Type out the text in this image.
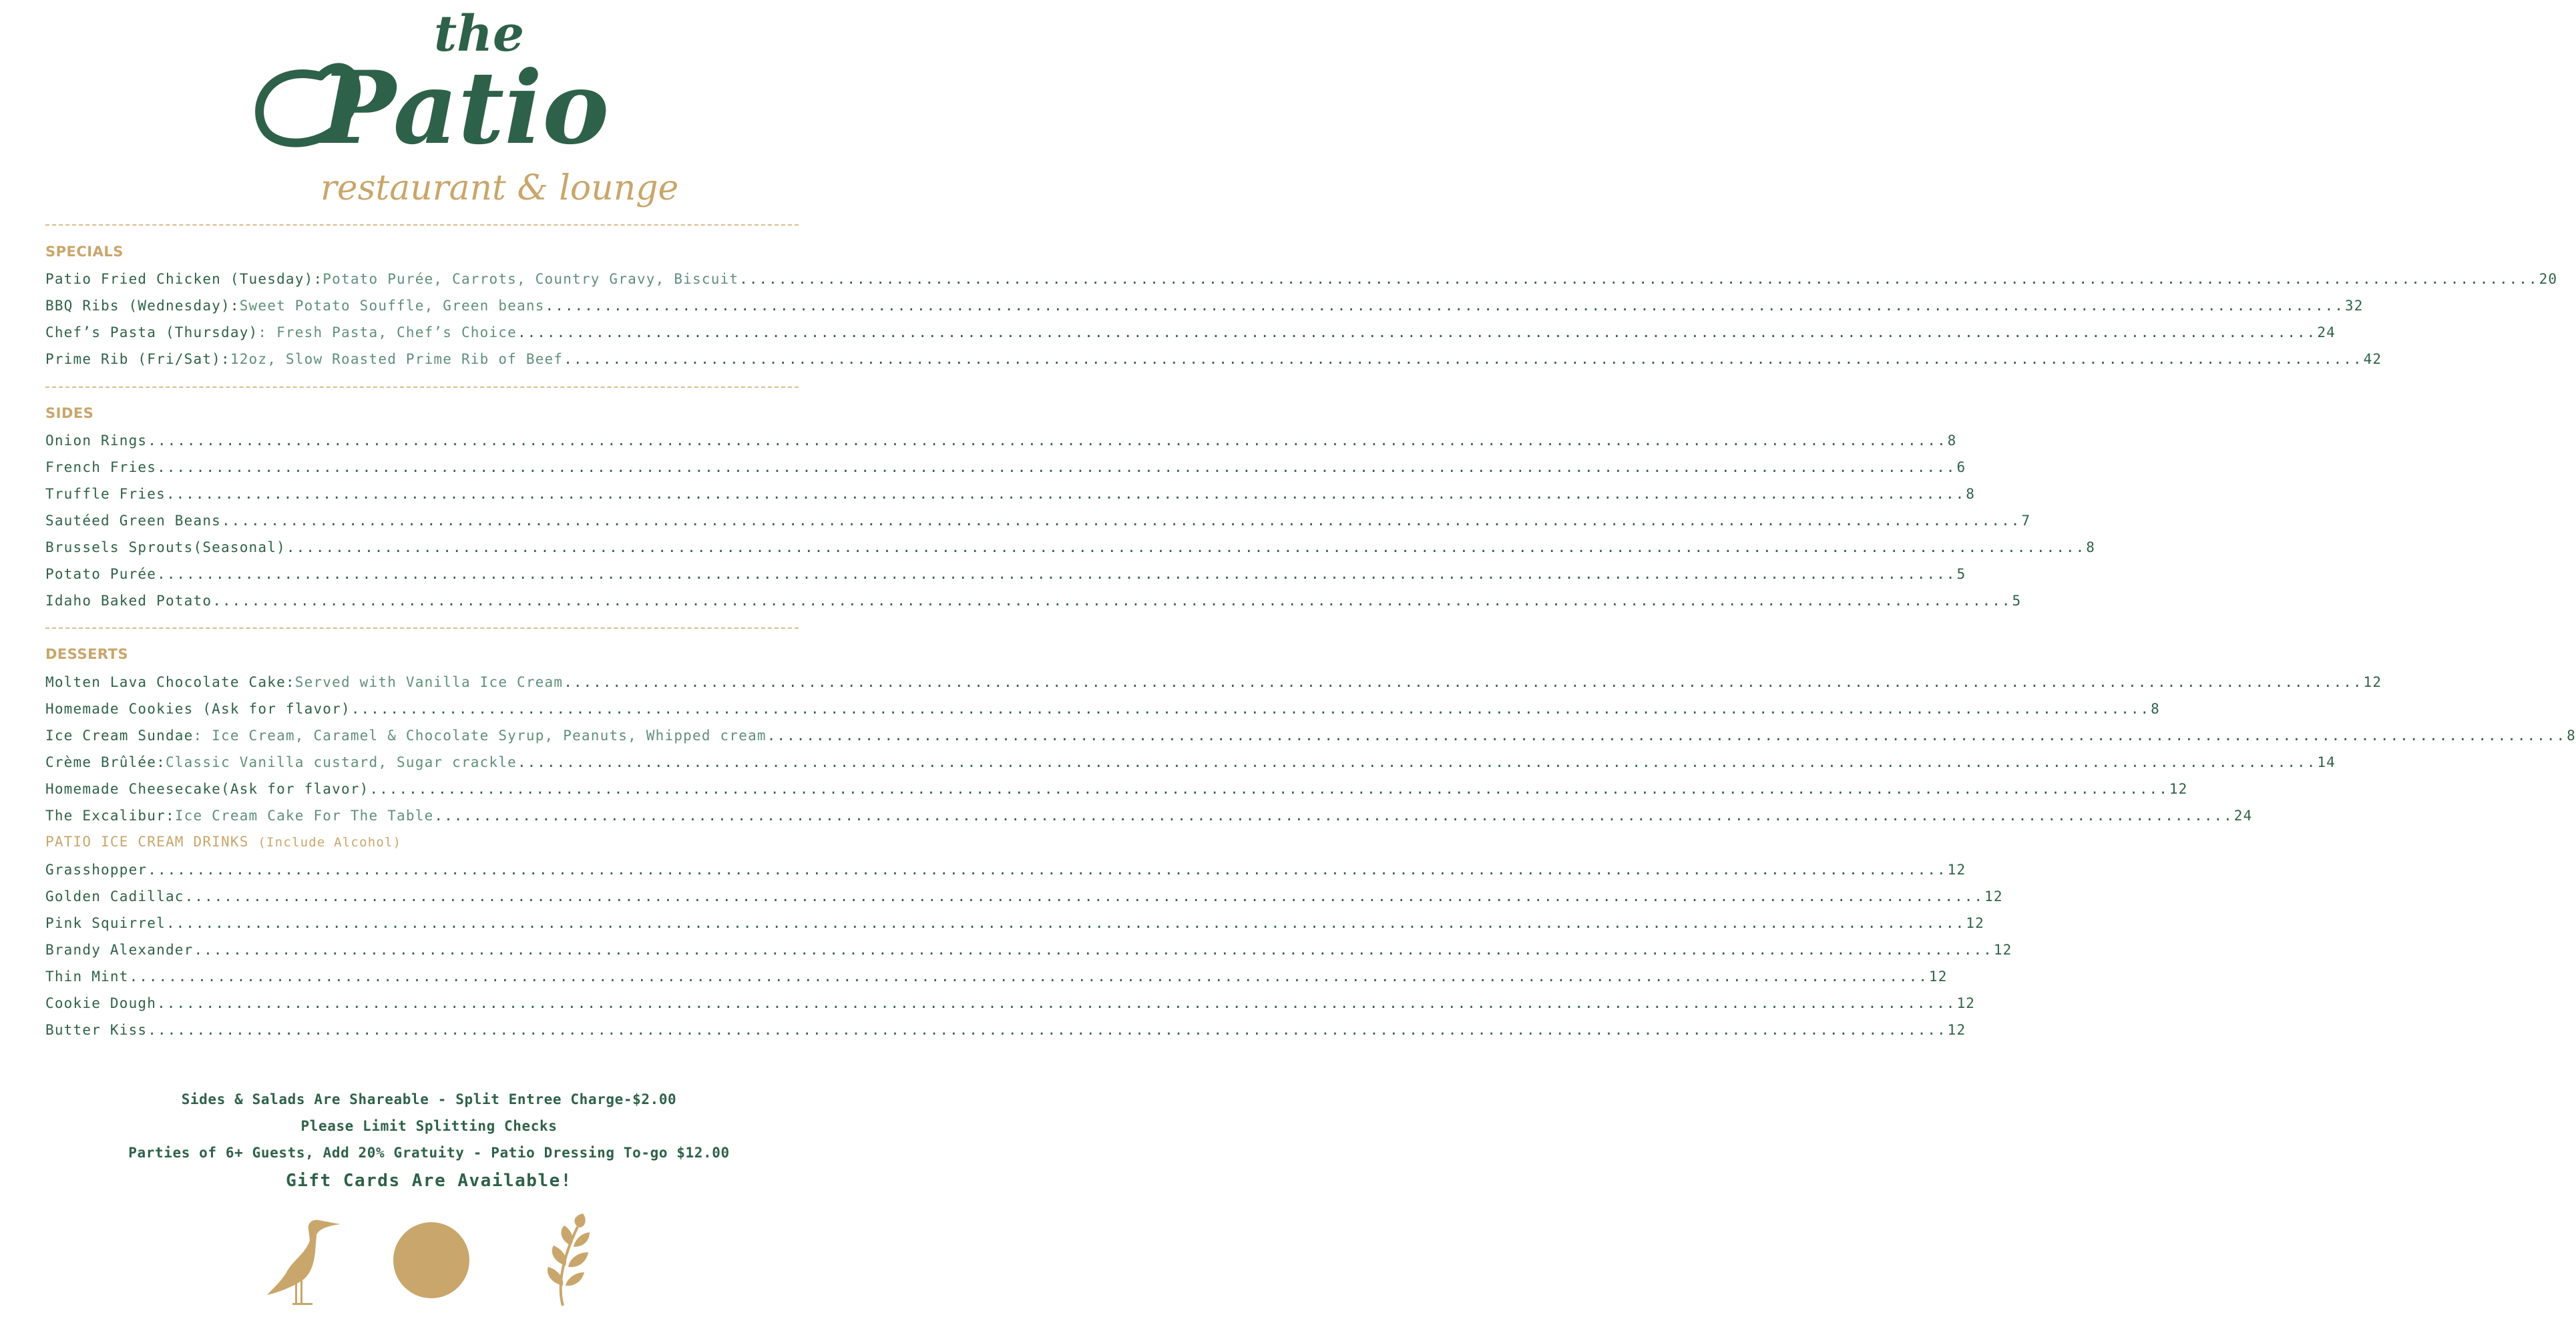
the
Patio
restaurant & lounge
SPECIALS
Patio Fried Chicken (Tuesday): Potato Purée, Carrots, Country Gravy, Biscuit .....	20
BBQ Ribs (Wednesday): Sweet Potato Souffle, Green beans .....	32
Chef’s Pasta (Thursday) : Fresh Pasta, Chef’s Choice .....	24
Prime Rib (Fri/Sat): 12oz, Slow Roasted Prime Rib of Beef .....	42
SIDES
Onion Rings .....	8
French Fries .....	6
Truffle Fries .....	8
Sautéed Green Beans .....	7
Brussels Sprouts(Seasonal) .....	8
Potato Purée .....	5
Idaho Baked Potato .....	5
DESSERTS
Molten Lava Chocolate Cake: Served with Vanilla Ice Cream .....	12
Homemade Cookies (Ask for flavor) .....	8
Ice Cream Sundae : Ice Cream, Caramel & Chocolate Syrup, Peanuts, Whipped cream .....	8
Crème Brûlée: Classic Vanilla custard, Sugar crackle .....	14
Homemade Cheesecake(Ask for flavor) .....	12
The Excalibur: Ice Cream Cake For The Table .....	24
PATIO ICE CREAM DRINKS (Include Alcohol)
Grasshopper .....	12
Golden Cadillac .....	12
Pink Squirrel .....	12
Brandy Alexander .....	12
Thin Mint .....	12
Cookie Dough .....	12
Butter Kiss .....	12
Sides & Salads Are Shareable - Split Entree Charge-$2.00
Please Limit Splitting Checks
Parties of 6+ Guests, Add 20% Gratuity - Patio Dressing To-go $12.00
Gift Cards Are Available!
